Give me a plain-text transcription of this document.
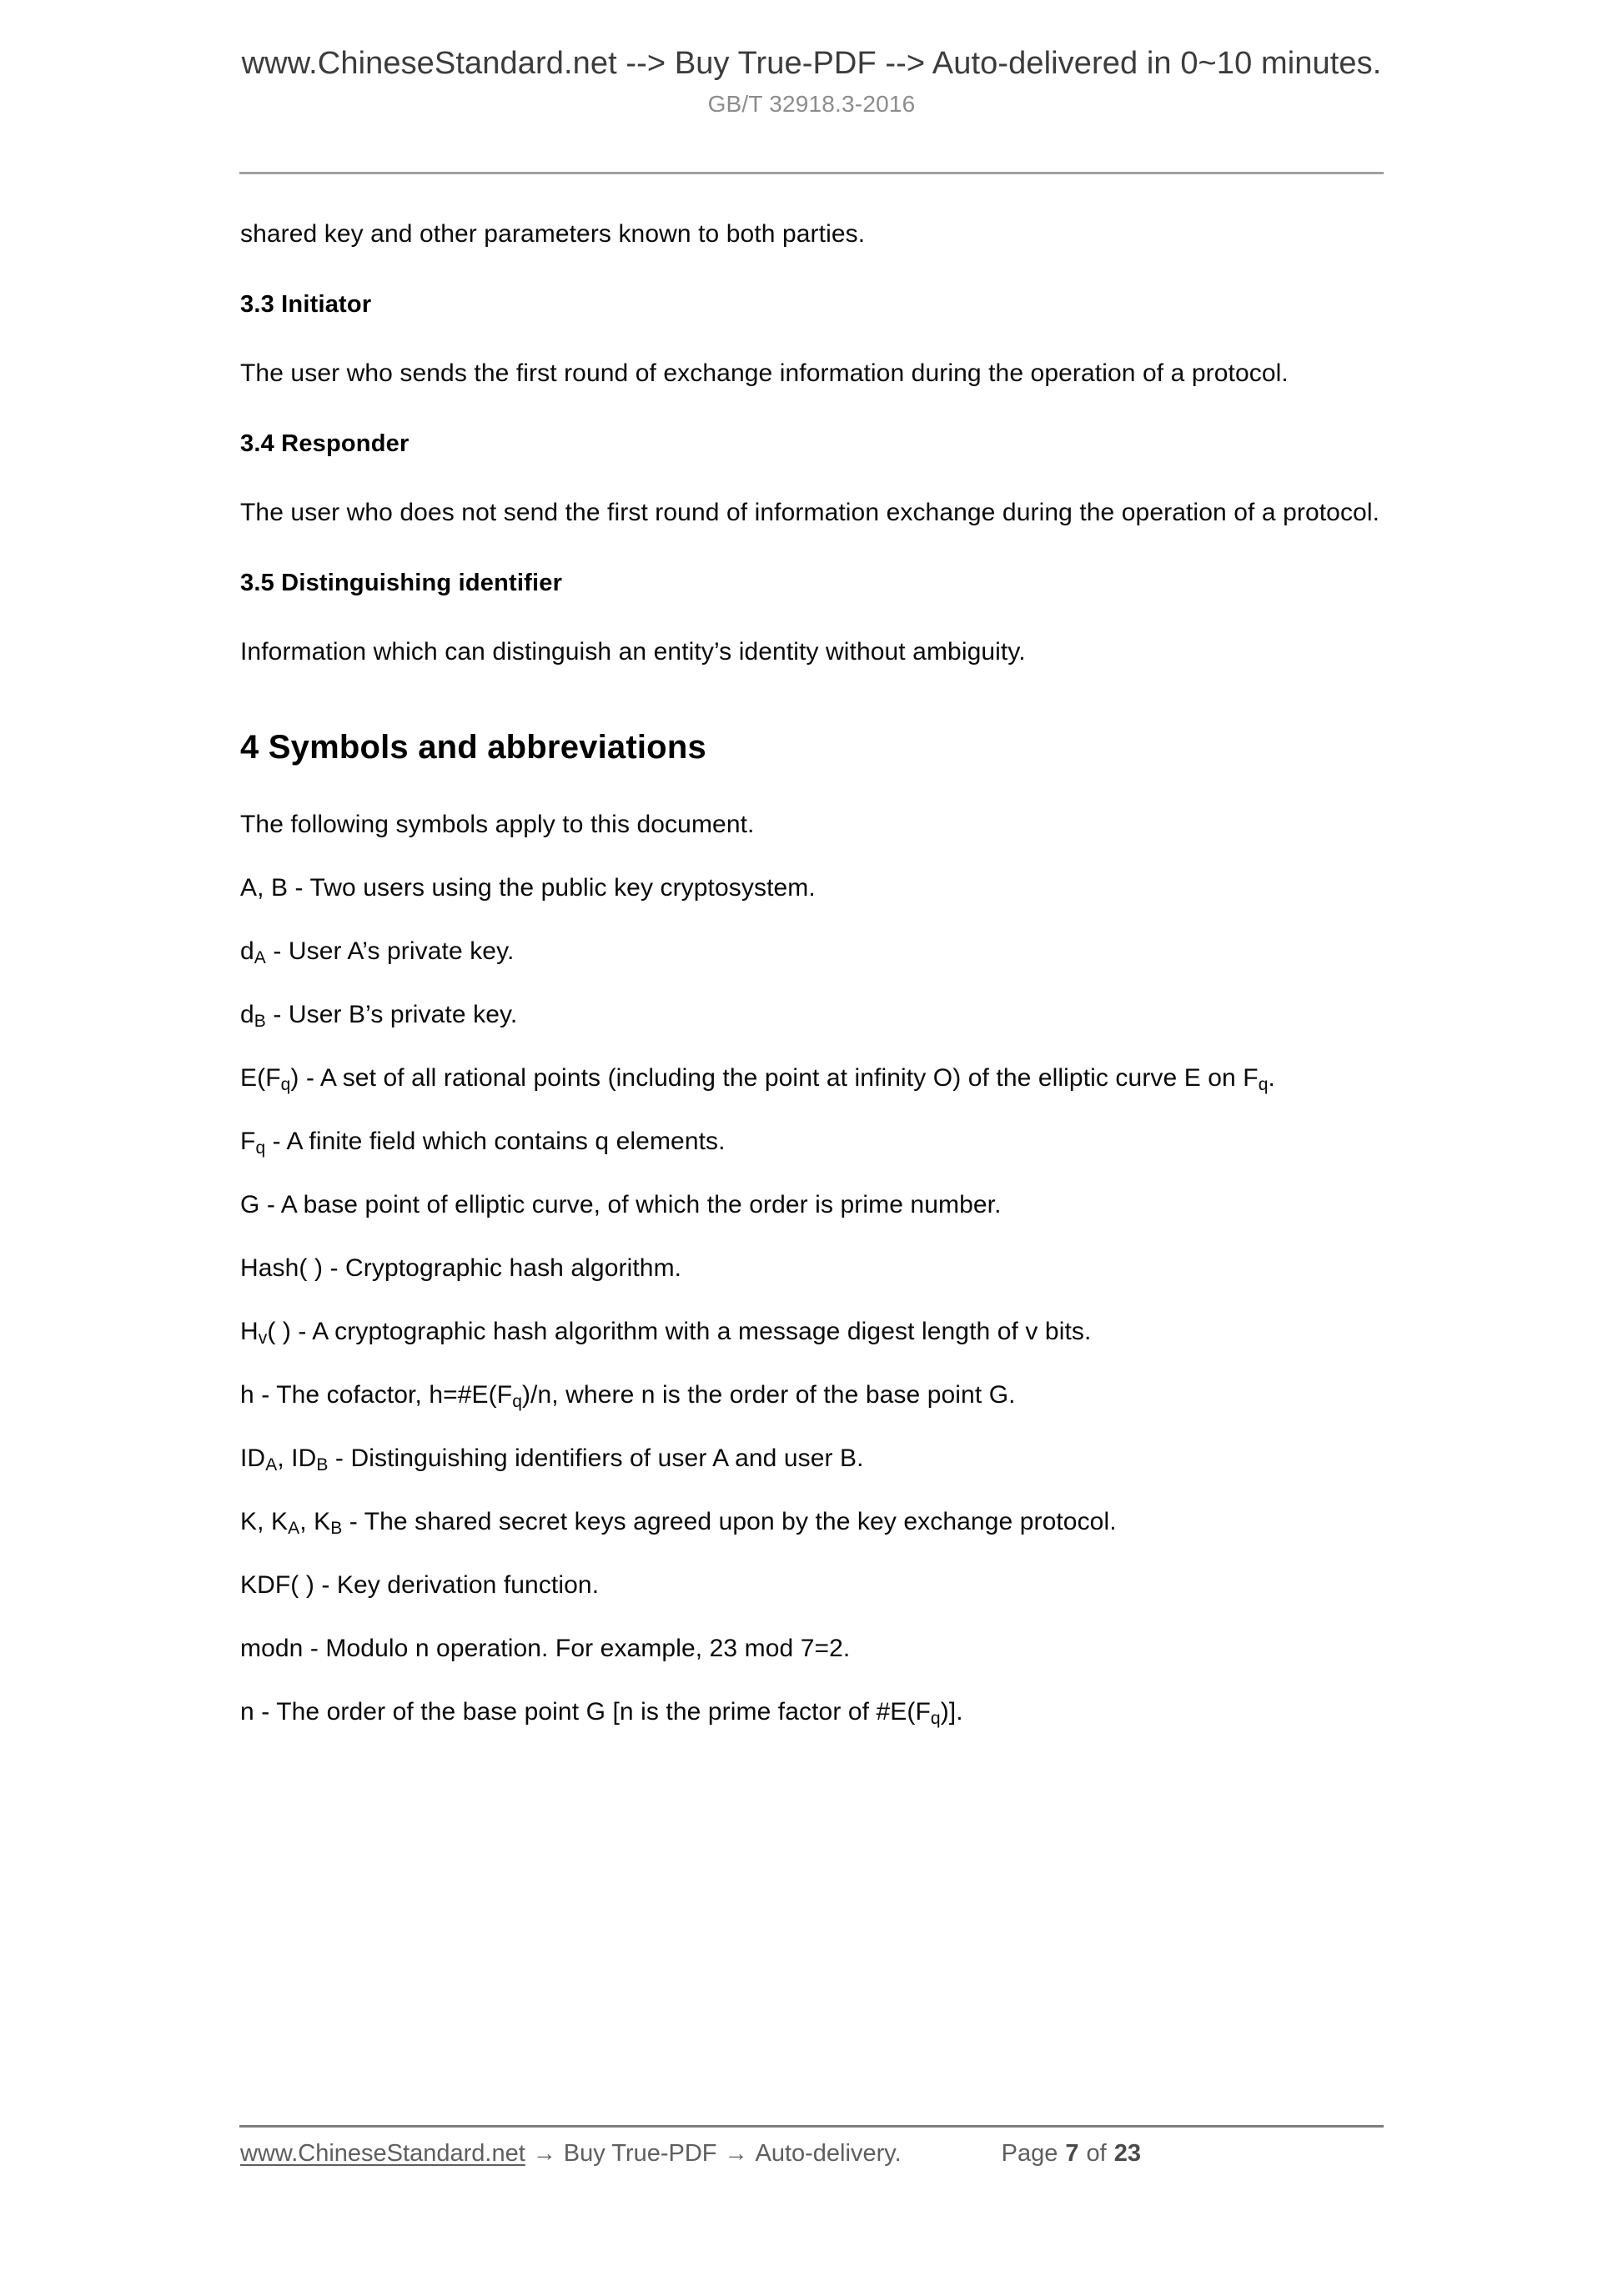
www.ChineseStandard.net --> Buy True-PDF --> Auto-delivered in 0~10 minutes.
GB/T 32918.3-2016

shared key and other parameters known to both parties.

3.3 Initiator

The user who sends the first round of exchange information during the operation of a protocol.

3.4 Responder

The user who does not send the first round of information exchange during the operation of a protocol.

3.5 Distinguishing identifier

Information which can distinguish an entity’s identity without ambiguity.

4 Symbols and abbreviations

The following symbols apply to this document.

A, B - Two users using the public key cryptosystem.

$d_A$ - User A’s private key.

$d_B$ - User B’s private key.

$E(F_q)$ - A set of all rational points (including the point at infinity O) of the elliptic curve E on $F_q$.

$F_q$ - A finite field which contains q elements.

G - A base point of elliptic curve, of which the order is prime number.

Hash( ) - Cryptographic hash algorithm.

$H_v$( ) - A cryptographic hash algorithm with a message digest length of v bits.

h - The cofactor, $h=\#E(F_q)/n$, where n is the order of the base point G.

$ID_A$, $ID_B$ - Distinguishing identifiers of user A and user B.

K, $K_A$, $K_B$ - The shared secret keys agreed upon by the key exchange protocol.

KDF( ) - Key derivation function.

modn - Modulo n operation. For example, 23 mod 7=2.

n - The order of the base point G [n is the prime factor of $\#E(F_q)$].

www.ChineseStandard.net → Buy True-PDF → Auto-delivery.	Page 7 of 23
